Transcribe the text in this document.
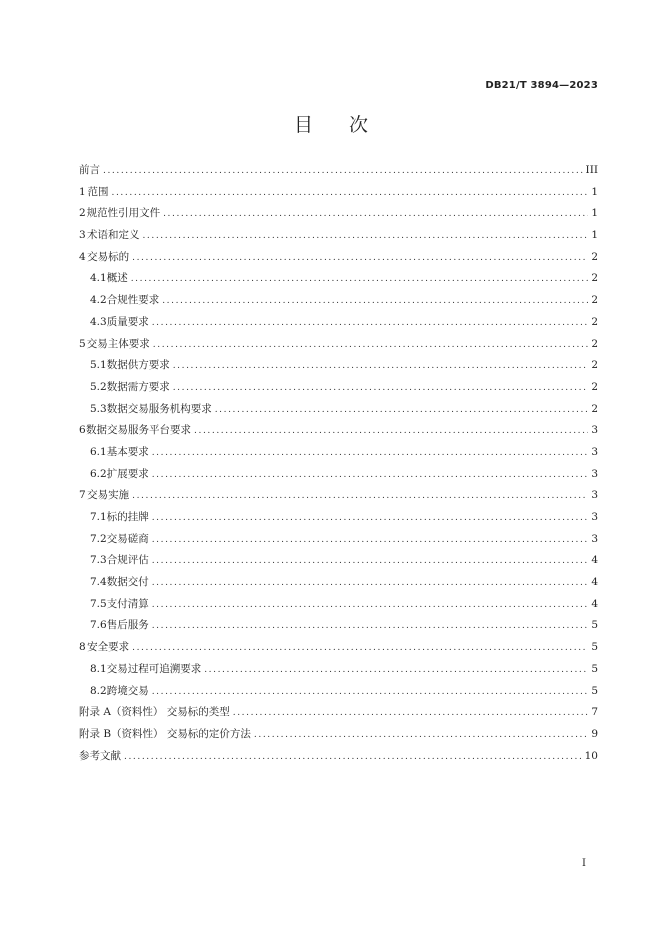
DB21/T 3894—2023
目 次
前言 .....	III
1 范围 .....	1
2 规范性引用文件 .....	1
3 术语和定义 .....	1
4 交易标的 .....	2
4.1 概述 .....	2
4.2 合规性要求 .....	2
4.3 质量要求 .....	2
5 交易主体要求 .....	2
5.1 数据供方要求 .....	2
5.2 数据需方要求 .....	2
5.3 数据交易服务机构要求 .....	2
6 数据交易服务平台要求 .....	3
6.1 基本要求 .....	3
6.2 扩展要求 .....	3
7 交易实施 .....	3
7.1 标的挂牌 .....	3
7.2 交易磋商 .....	3
7.3 合规评估 .....	4
7.4 数据交付 .....	4
7.5 支付清算 .....	4
7.6 售后服务 .....	5
8 安全要求 .....	5
8.1 交易过程可追溯要求 .....	5
8.2 跨境交易 .....	5
附录 A（资料性） 交易标的类型 .....	7
附录 B（资料性） 交易标的定价方法 .....	9
参考文献 .....	10
I
